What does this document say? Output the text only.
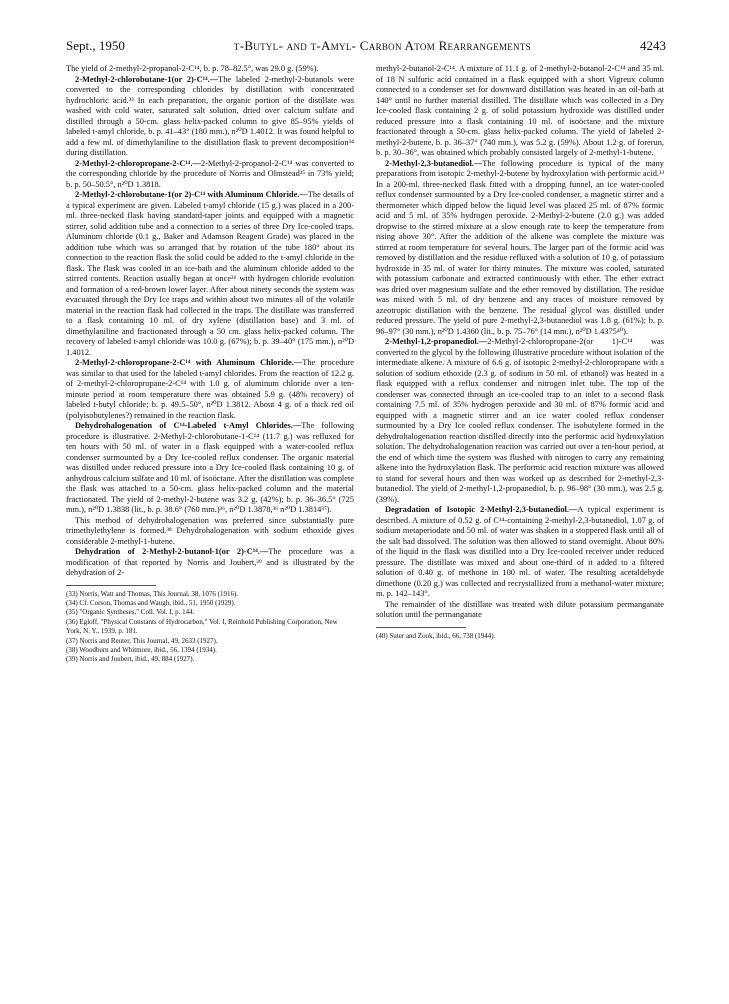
Sept., 1950	t-Butyl- and t-Amyl- Carbon Atom Rearrangements	4243

The yield of 2-methyl-2-propanol-2-C¹⁴, b. p. 78–82.5°, was 29.0 g. (59%).

2-Methyl-2-chlorobutane-1(or 2)-C¹⁴.—The labeled 2-methyl-2-butanols were converted to the corresponding chlorides by distillation with concentrated hydrochloric acid.³³ In each preparation, the organic portion of the distillate was washed with cold water, saturated salt solution, dried over calcium sulfate and distilled through a 50-cm. glass helix-packed column to give 85–95% yields of labeled t-amyl chloride, b. p. 41–43° (180 mm.), n²⁰D 1.4012. It was found helpful to add a few ml. of dimethylaniline to the distillation flask to prevent decomposition³⁴ during distillation.

2-Methyl-2-chloropropane-2-C¹⁴.—2-Methyl-2-propanol-2-C¹⁴ was converted to the corresponding chloride by the procedure of Norris and Olmstead³⁵ in 73% yield; b. p. 50–50.5°, n²⁰D 1.3818.

2-Methyl-2-chlorobutane-1(or 2)-C¹⁴ with Aluminum Chloride.—The details of a typical experiment are given. Labeled t-amyl chloride (15 g.) was placed in a 200-ml. three-necked flask having standard-taper joints and equipped with a magnetic stirrer, solid addition tube and a connection to a series of three Dry Ice-cooled traps. Aluminum chloride (0.1 g., Baker and Adamson Reagent Grade) was placed in the addition tube which was so arranged that by rotation of the tube 180° about its connection to the reaction flask the solid could be added to the t-amyl chloride in the flask. The flask was cooled in an ice-bath and the aluminum chloride added to the stirred contents. Reaction usually began at once³⁶ with hydrogen chloride evolution and formation of a red-brown lower layer. After about ninety seconds the system was evacuated through the Dry Ice traps and within about two minutes all of the volatile material in the reaction flask had collected in the traps. The distillate was transferred to a flask containing 10 ml. of dry xylene (distillation base) and 3 ml. of dimethylaniline and fractionated through a 50 cm. glass helix-packed column. The recovery of labeled t-amyl chloride was 10.0 g. (67%); b. p. 39–40° (175 mm.), n²⁰D 1.4012.

2-Methyl-2-chloropropane-2-C¹⁴ with Aluminum Chloride.—The procedure was similar to that used for the labeled t-amyl chlorides. From the reaction of 12.2 g. of 2-methyl-2-chloropropane-2-C¹⁴ with 1.0 g. of aluminum chloride over a ten-minute period at room temperature there was obtained 5.9 g. (48% recovery) of labeled t-butyl chloride; b. p. 49.5–50°, n²⁰D 1.3812. About 4 g. of a thick red oil (polyisobutylenes?) remained in the reaction flask.

Dehydrohalogenation of C¹⁴-Labeled t-Amyl Chlorides.—The following procedure is illustrative. 2-Methyl-2-chlorobutane-1-C¹⁴ (11.7 g.) was refluxed for ten hours with 50 ml. of water in a flask equipped with a water-cooled reflux condenser surmounted by a Dry Ice-cooled reflux condenser. The organic material was distilled under reduced pressure into a Dry Ice-cooled flask containing 10 g. of anhydrous calcium sulfate and 10 ml. of isoöctane. After the distillation was complete the flask was attached to a 50-cm. glass helix-packed column and the material fractionated. The yield of 2-methyl-2-butene was 3.2 g. (42%); b. p. 36–36.5° (725 mm.), n²⁰D 1.3838 (lit., b. p. 38.6° (760 mm.)³⁶, n²⁰D 1.3878,³⁶ n²⁰D 1.3814³⁷).

This method of dehydrohalogenation was preferred since substantially pure trimethylethylene is formed.³⁸ Dehydrohalogenation with sodium ethoxide gives considerable 2-methyl-1-butene.

Dehydration of 2-Methyl-2-butanol-1(or 2)-C¹⁴.—The procedure was a modification of that reported by Norris and Joubert,³⁹ and is illustrated by the dehydration of 2-

(33) Norris, Watt and Thomas, This Journal, 38, 1076 (1916).
(34) Cf. Corson, Thomas and Waugh, ibid., 51, 1950 (1929).
(35) "Organic Syntheses," Coll. Vol. I, p. 144.
(36) Egloff, "Physical Constants of Hydrocarbon," Vol. I, Reinhold Publishing Corporation, New York, N. Y., 1939, p. 181.
(37) Norris and Reuter, This Journal, 49, 2633 (1927).
(38) Woodburn and Whitmore, ibid., 56, 1394 (1934).
(39) Norris and Joubert, ibid., 49, 884 (1927).

methyl-2-butanol-2-C¹⁴. A mixture of 11.1 g. of 2-methyl-2-butanol-2-C¹⁴ and 35 ml. of 18 N sulfuric acid contained in a flask equipped with a short Vigreux column connected to a condenser set for downward distillation was heated in an oil-bath at 140° until no further material distilled. The distillate which was collected in a Dry Ice-cooled flask containing 2 g. of solid potassium hydroxide was distilled under reduced pressure into a flask containing 10 ml. of isoöctane and the mixture fractionated through a 50-cm. glass helix-packed column. The yield of labeled 2-methyl-2-butene, b. p. 36–37° (740 mm.), was 5.2 g. (59%). About 1.2 g. of forerun, b. p. 30–36°, was obtained which probably consisted largely of 2-methyl-1-butene.

2-Methyl-2,3-butanediol.—The following procedure is typical of the many preparations from isotopic 2-methyl-2-butene by hydroxylation with performic acid.¹³ In a 200-ml. three-necked flask fitted with a dropping funnel, an ice water-cooled reflux condenser surmounted by a Dry Ice-cooled condenser, a magnetic stirrer and a thermometer which dipped below the liquid level was placed 25 ml. of 87% formic acid and 5 ml. of 35% hydrogen peroxide. 2-Methyl-2-butene (2.0 g.) was added dropwise to the stirred mixture at a slow enough rate to keep the temperature from rising above 30°. After the addition of the alkene was complete the mixture was stirred at room temperature for several hours. The larger part of the formic acid was removed by distillation and the residue refluxed with a solution of 10 g. of potassium hydroxide in 35 ml. of water for thirty minutes. The mixture was cooled, saturated with potassium carbonate and extracted continuously with ether. The ether extract was dried over magnesium sulfate and the ether removed by distillation. The residue was mixed with 5 ml. of dry benzene and any traces of moisture removed by azeotropic distillation with the benzene. The residual glycol was distilled under reduced pressure. The yield of pure 2-methyl-2,3-butanediol was 1.8 g. (61%); b. p. 96–97° (30 mm.), n²⁰D 1.4360 (lit., b. p. 75–76° (14 mm.), n²⁰D 1.4375⁴⁰).

2-Methyl-1,2-propanediol.—2-Methyl-2-chloropropane-2(or 1)-C¹⁴ was converted to the glycol by the following illustrative procedure without isolation of the intermediate alkene. A mixture of 6.6 g. of isotopic 2-methyl-2-chloropropane with a solution of sodium ethoxide (2.3 g. of sodium in 50 ml. of ethanol) was heated in a flask equipped with a reflux condenser and nitrogen inlet tube. The top of the condenser was connected through an ice-cooled trap to an inlet to a second flask containing 7.5 ml. of 35% hydrogen peroxide and 30 ml. of 87% formic acid and equipped with a magnetic stirrer and an ice water cooled reflux condenser surmounted by a Dry Ice cooled reflux condenser. The isobutylene formed in the dehydrohalogenation reaction distilled directly into the performic acid hydroxylation solution. The dehydrohalogenation reaction was carried out over a ten-hour period, at the end of which time the system was flushed with nitrogen to carry any remaining alkene into the hydroxylation flask. The performic acid reaction mixture was allowed to stand for several hours and then was worked up as described for 2-methyl-2,3-butanediol. The yield of 2-methyl-1,2-propanediol, b. p. 96–98° (30 mm.), was 2.5 g. (39%).

Degradation of Isotopic 2-Methyl-2,3-butanediol.—A typical experiment is described. A mixture of 0.52 g. of C¹⁴-containing 2-methyl-2,3-butanediol, 1.07 g. of sodium metaperiodate and 50 ml. of water was shaken in a stoppered flask until all of the salt had dissolved. The solution was then allowed to stand overnight. About 80% of the liquid in the flask was distilled into a Dry Ice-cooled receiver under reduced pressure. The distillate was mixed and about one-third of it added to a filtered solution of 0.40 g. of methone in 100 ml. of water. The resulting acetaldehyde dimethone (0.20 g.) was collected and recrystallized from a methanol-water mixture; m. p. 142–143°.

The remainder of the distillate was treated with dilute potassium permanganate solution until the permanganate

(40) Suter and Zook, ibid., 66, 738 (1944).
